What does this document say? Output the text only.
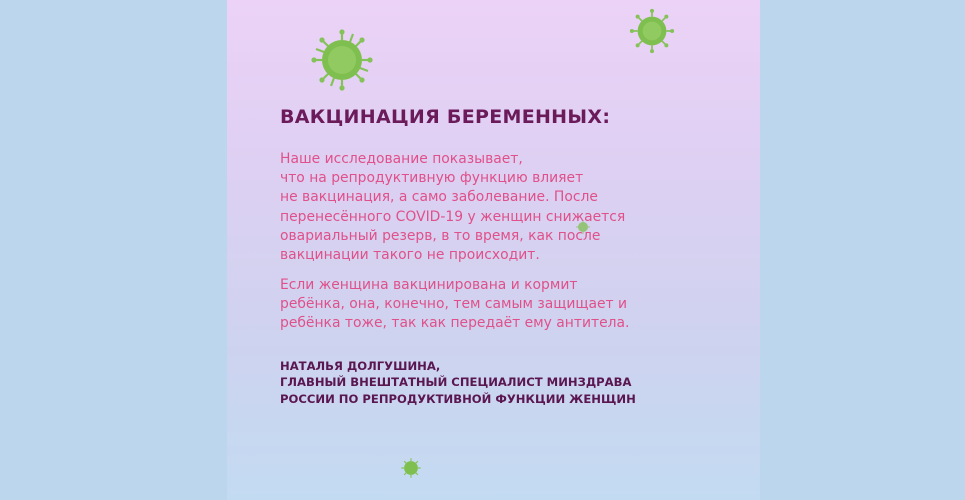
ВАКЦИНАЦИЯ БЕРЕМЕННЫХ:

Наше исследование показывает,
что на репродуктивную функцию влияет
не вакцинация, а само заболевание. После
перенесённого COVID-19 у женщин снижается
овариальный резерв, в то время, как после
вакцинации такого не происходит.

Если женщина вакцинирована и кормит
ребёнка, она, конечно, тем самым защищает и
ребёнка тоже, так как передаёт ему антитела.

НАТАЛЬЯ ДОЛГУШИНА,
ГЛАВНЫЙ ВНЕШТАТНЫЙ СПЕЦИАЛИСТ МИНЗДРАВА
РОССИИ ПО РЕПРОДУКТИВНОЙ ФУНКЦИИ ЖЕНЩИН
